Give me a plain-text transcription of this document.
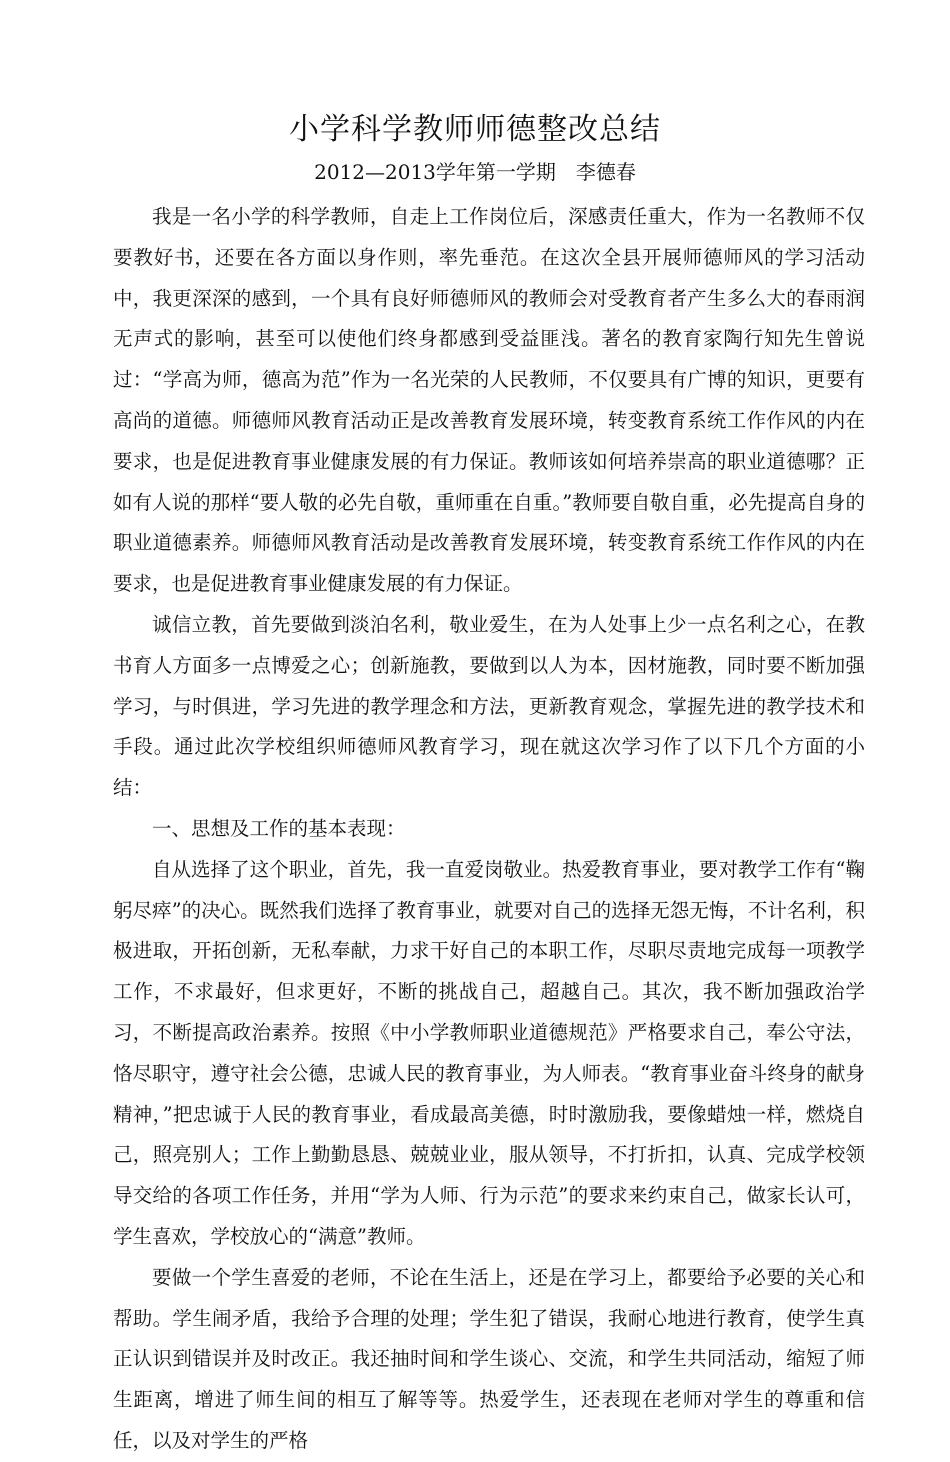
小学科学教师师德整改总结
2012—2013学年第一学期 李德春

我是一名小学的科学教师，自走上工作岗位后，深感责任重大，作为一名教师不仅要教好书，还要在各方面以身作则，率先垂范。在这次全县开展师德师风的学习活动中，我更深深的感到，一个具有良好师德师风的教师会对受教育者产生多么大的春雨润无声式的影响，甚至可以使他们终身都感到受益匪浅。著名的教育家陶行知先生曾说过：“学高为师，德高为范”作为一名光荣的人民教师，不仅要具有广博的知识，更要有高尚的道德。师德师风教育活动正是改善教育发展环境，转变教育系统工作作风的内在要求，也是促进教育事业健康发展的有力保证。教师该如何培养崇高的职业道德哪？正如有人说的那样“要人敬的必先自敬，重师重在自重。”教师要自敬自重，必先提高自身的职业道德素养。师德师风教育活动是改善教育发展环境，转变教育系统工作作风的内在要求，也是促进教育事业健康发展的有力保证。

诚信立教，首先要做到淡泊名利，敬业爱生，在为人处事上少一点名利之心，在教书育人方面多一点博爱之心；创新施教，要做到以人为本，因材施教，同时要不断加强学习，与时俱进，学习先进的教学理念和方法，更新教育观念，掌握先进的教学技术和手段。通过此次学校组织师德师风教育学习，现在就这次学习作了以下几个方面的小结：

一、思想及工作的基本表现：

自从选择了这个职业，首先，我一直爱岗敬业。热爱教育事业，要对教学工作有“鞠躬尽瘁”的决心。既然我们选择了教育事业，就要对自己的选择无怨无悔，不计名利，积极进取，开拓创新，无私奉献，力求干好自己的本职工作，尽职尽责地完成每一项教学工作，不求最好，但求更好，不断的挑战自己，超越自己。其次，我不断加强政治学习，不断提高政治素养。按照《中小学教师职业道德规范》严格要求自己，奉公守法，恪尽职守，遵守社会公德，忠诚人民的教育事业，为人师表。“教育事业奋斗终身的献身精神，”把忠诚于人民的教育事业，看成最高美德，时时激励我，要像蜡烛一样，燃烧自己，照亮别人；工作上勤勤恳恳、兢兢业业，服从领导，不打折扣，认真、完成学校领导交给的各项工作任务，并用“学为人师、行为示范”的要求来约束自己，做家长认可，学生喜欢，学校放心的“满意”教师。

要做一个学生喜爱的老师，不论在生活上，还是在学习上，都要给予必要的关心和帮助。学生闹矛盾，我给予合理的处理；学生犯了错误，我耐心地进行教育，使学生真正认识到错误并及时改正。我还抽时间和学生谈心、交流，和学生共同活动，缩短了师生距离，增进了师生间的相互了解等等。热爱学生，还表现在老师对学生的尊重和信任，以及对学生的严格
